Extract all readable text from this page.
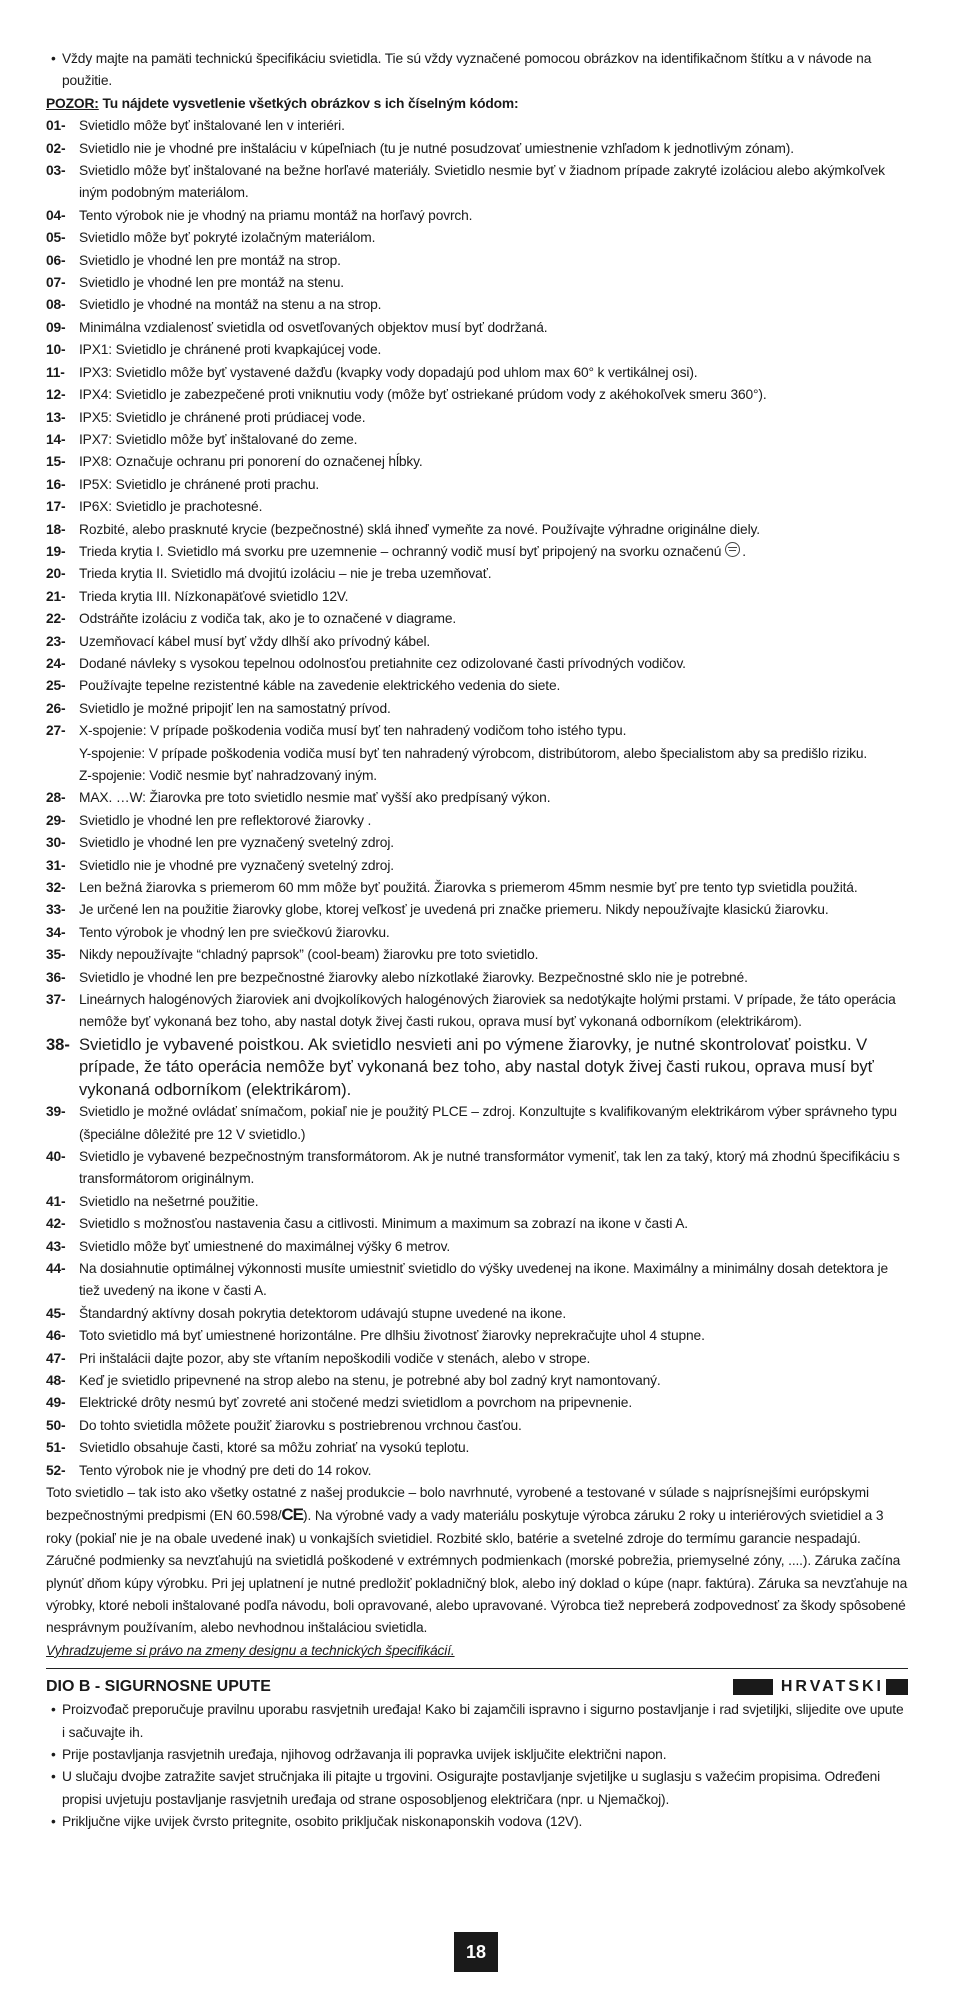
• Vždy majte na pamäti technickú špecifikáciu svietidla. Tie sú vždy vyznačené pomocou obrázkov na identifikačnom štítku a v návode na použitie.
POZOR: Tu nájdete vysvetlenie všetkých obrázkov s ich číselným kódom:
01- Svietidlo môže byť inštalované len v interiéri.
02- Svietidlo nie je vhodné pre inštaláciu v kúpeľniach (tu je nutné posudzovať umiestnenie vzhľadom k jednotlivým zónam).
03- Svietidlo môže byť inštalované na bežne horľavé materiály. Svietidlo nesmie byť v žiadnom prípade zakryté izoláciou alebo akýmkoľvek iným podobným materiálom.
04- Tento výrobok nie je vhodný na priamu montáž na horľavý povrch.
05- Svietidlo môže byť pokryté izolačným materiálom.
06- Svietidlo je vhodné len pre montáž na strop.
07- Svietidlo je vhodné len pre montáž na stenu.
08- Svietidlo je vhodné na montáž na stenu a na strop.
09- Minimálna vzdialenosť svietidla od osvetľovaných objektov musí byť dodržaná.
10- IPX1: Svietidlo je chránené proti kvapkajúcej vode.
11-	IPX3: Svietidlo môže byť vystavené dažďu (kvapky vody dopadajú pod uhlom max 60° k vertikálnej osi).
12- IPX4: Svietidlo je zabezpečené proti vniknutiu vody (môže byť ostriekané prúdom vody z akéhokoľvek smeru 360°).
13- IPX5: Svietidlo je chránené proti prúdiacej vode.
14- IPX7: Svietidlo môže byť inštalované do zeme.
15- IPX8: Označuje ochranu pri ponorení do označenej hĺbky.
16- IP5X: Svietidlo je chránené proti prachu.
17- IP6X: Svietidlo je prachotesné.
18- Rozbité, alebo prasknuté krycie (bezpečnostné) sklá ihneď vymeňte za nové. Používajte výhradne originálne diely.
19- Trieda krytia I. Svietidlo má svorku pre uzemnenie – ochranný vodič musí byť pripojený na svorku označenú .
20- Trieda krytia II. Svietidlo má dvojitú izoláciu – nie je treba uzemňovať.
21- Trieda krytia III. Nízkonapäťové svietidlo 12V.
22- Odstráňte izoláciu z vodiča tak, ako je to označené v diagrame.
23- Uzemňovací kábel musí byť vždy dlhší ako prívodný kábel.
24- Dodané návleky s vysokou tepelnou odolnosťou pretiahnite cez odizolované časti prívodných vodičov.
25- Používajte tepelne rezistentné káble na zavedenie elektrického vedenia do siete.
26- Svietidlo je možné pripojiť len na samostatný prívod.
27- X-spojenie: V prípade poškodenia vodiča musí byť ten nahradený vodičom toho istého typu.
Y-spojenie: V prípade poškodenia vodiča musí byť ten nahradený výrobcom, distribútorom, alebo špecialistom aby sa predišlo riziku.
Z-spojenie: Vodič nesmie byť nahradzovaný iným.
28- MAX. …W: Žiarovka pre toto svietidlo nesmie mať vyšší ako predpísaný výkon.
29- Svietidlo je vhodné len pre reflektorové žiarovky .
30- Svietidlo je vhodné len pre vyznačený svetelný zdroj.
31- Svietidlo nie je vhodné pre vyznačený svetelný zdroj.
32- Len bežná žiarovka s priemerom 60 mm môže byť použitá. Žiarovka s priemerom 45mm nesmie byť pre tento typ svietidla použitá.
33- Je určené len na použitie žiarovky globe, ktorej veľkosť je uvedená pri značke priemeru. Nikdy nepoužívajte klasickú žiarovku.
34- Tento výrobok je vhodný len pre sviečkovú žiarovku.
35- Nikdy nepoužívajte “chladný paprsok” (cool-beam) žiarovku pre toto svietidlo.
36- Svietidlo je vhodné len pre bezpečnostné žiarovky alebo nízkotlaké žiarovky. Bezpečnostné sklo nie je potrebné.
37- Lineárnych halogénových žiaroviek ani dvojkolíkových halogénových žiaroviek sa nedotýkajte holými prstami. V prípade, že táto operácia nemôže byť vykonaná bez toho, aby nastal dotyk živej časti rukou, oprava musí byť vykonaná odborníkom (elektrikárom).
38- Svietidlo je vybavené poistkou. Ak svietidlo nesvieti ani po výmene žiarovky, je nutné skontrolovať poistku. V prípade, že táto operácia nemôže byť vykonaná bez toho, aby nastal dotyk živej časti rukou, oprava musí byť vykonaná odborníkom (elektrikárom).
39- Svietidlo je možné ovládať snímačom, pokiaľ nie je použitý PLCE – zdroj. Konzultujte s kvalifikovaným elektrikárom výber správneho typu (špeciálne dôležité pre 12 V svietidlo.)
40- Svietidlo je vybavené bezpečnostným transformátorom. Ak je nutné transformátor vymeniť, tak len za taký, ktorý má zhodnú špecifikáciu s transformátorom originálnym.
41- Svietidlo na nešetrné použitie.
42- Svietidlo s možnosťou nastavenia času a citlivosti. Minimum a maximum sa zobrazí na ikone v časti A.
43- Svietidlo môže byť umiestnené do maximálnej výšky 6 metrov.
44- Na dosiahnutie optimálnej výkonnosti musíte umiestniť svietidlo do výšky uvedenej na ikone. Maximálny a minimálny dosah detektora je tiež uvedený na ikone v časti A.
45- Štandardný aktívny dosah pokrytia detektorom udávajú stupne uvedené na ikone.
46- Toto svietidlo má byť umiestnené horizontálne. Pre dlhšiu životnosť žiarovky neprekračujte uhol 4 stupne.
47- Pri inštalácii dajte pozor, aby ste vŕtaním nepoškodili vodiče v stenách, alebo v strope.
48- Keď je svietidlo pripevnené na strop alebo na stenu, je potrebné aby bol zadný kryt namontovaný.
49- Elektrické drôty nesmú byť zovreté ani stočené medzi svietidlom a povrchom na pripevnenie.
50- Do tohto svietidla môžete použiť žiarovku s postriebrenou vrchnou časťou.
51- Svietidlo obsahuje časti, ktoré sa môžu zohriať na vysokú teplotu.
52- Tento výrobok nie je vhodný pre deti do 14 rokov.
Toto svietidlo – tak isto ako všetky ostatné z našej produkcie – bolo navrhnuté, vyrobené a testované v súlade s najprísnejšími európskymi bezpečnostnými predpismi (EN 60.598/CE). Na výrobné vady a vady materiálu poskytuje výrobca záruku 2 roky u interiérových svietidiel a 3 roky (pokiaľ nie je na obale uvedené inak) u vonkajších svietidiel. Rozbité sklo, batérie a svetelné zdroje do termímu garancie nespadajú. Záručné podmienky sa nevzťahujú na svietidlá poškodené v extrémnych podmienkach (morské pobrežia, priemyselné zóny, ....). Záruka začína plynúť dňom kúpy výrobku. Pri jej uplatnení je nutné predložiť pokladničný blok, alebo iný doklad o kúpe (napr. faktúra). Záruka sa nevzťahuje na výrobky, ktoré neboli inštalované podľa návodu, boli opravované, alebo upravované. Výrobca tiež nepreberá zodpovednosť za škody spôsobené nesprávnym používaním, alebo nevhodnou inštaláciou svietidla.
Vyhradzujeme si právo na zmeny designu a technických špecifikácií.
DIO B - SIGURNOSNE UPUTE	HRVATSKI
• Proizvođač preporučuje pravilnu uporabu rasvjetnih uređaja! Kako bi zajamčili ispravno i sigurno postavljanje i rad svjetiljki, slijedite ove upute i sačuvajte ih.
• Prije postavljanja rasvjetnih uređaja, njihovog održavanja ili popravka uvijek isključite električni napon.
• U slučaju dvojbe zatražite savjet stručnjaka ili pitajte u trgovini. Osigurajte postavljanje svjetiljke u suglasju s važećim propisima. Određeni propisi uvjetuju postavljanje rasvjetnih uređaja od strane osposobljenog električara (npr. u Njemačkoj).
• Priključne vijke uvijek čvrsto pritegnite, osobito priključak niskonaponskih vodova (12V).
18
